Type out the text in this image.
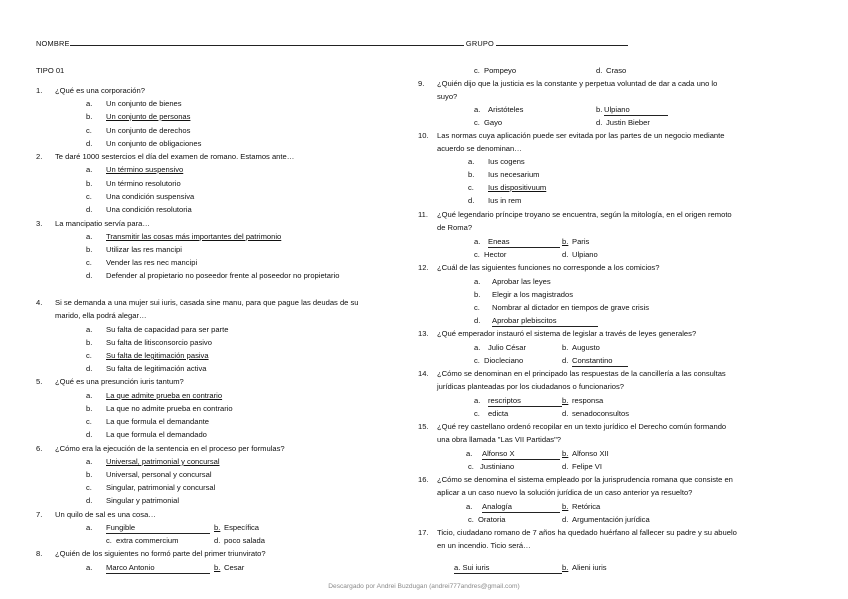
NOMBRE	GRUPO
TIPO 01
1. ¿Qué es una corporación?
a. Un conjunto de bienes
b. Un conjunto de personas
c. Un conjunto de derechos
d. Un conjunto de obligaciones
2. Te daré 1000 sestercios el día del examen de romano. Estamos ante…
a. Un término suspensivo
b. Un término resolutorio
c. Una condición suspensiva
d. Una condición resolutoria
3. La mancipatio servía para…
a. Transmitir las cosas más importantes del patrimonio
b. Utilizar las res mancipi
c. Vender las res nec mancipi
d. Defender al propietario no poseedor frente al poseedor no propietario
4. Si se demanda a una mujer sui iuris, casada sine manu, para que pague las deudas de su
marido, ella podrá alegar…
a. Su falta de capacidad para ser parte
b. Su falta de litisconsorcio pasivo
c. Su falta de legitimación pasiva
d. Su falta de legitimación activa
5. ¿Qué es una presunción iuris tantum?
a. La que admite prueba en contrario
b. La que no admite prueba en contrario
c. La que formula el demandante
d. La que formula el demandado
6. ¿Cómo era la ejecución de la sentencia en el proceso per formulas?
a. Universal, patrimonial y concursal
b. Universal, personal y concursal
c. Singular, patrimonial y concursal
d. Singular y patrimonial
7. Un quilo de sal es una cosa…
a. Fungible	b. Específica
c. extra commercium	d. poco salada
8. ¿Quién de los siguientes no formó parte del primer triunvirato?
a. Marco Antonio	b. Cesar
c. Pompeyo	d. Craso
9. ¿Quién dijo que la justicia es la constante y perpetua voluntad de dar a cada uno lo
suyo?
a. Aristóteles	b. Ulpiano
c. Gayo	d. Justin Bieber
10. Las normas cuya aplicación puede ser evitada por las partes de un negocio mediante
acuerdo se denominan…
a. Ius cogens
b. Ius necesarium
c. Ius dispositivuum
d. Ius in rem
11. ¿Qué legendario príncipe troyano se encuentra, según la mitología, en el origen remoto
de Roma?
a. Eneas	b. Paris
c. Hector	d. Ulpiano
12. ¿Cuál de las siguientes funciones no corresponde a los comicios?
a. Aprobar las leyes
b. Elegir a los magistrados
c. Nombrar al dictador en tiempos de grave crisis
d. Aprobar plebiscitos
13. ¿Qué emperador instauró el sistema de legislar a través de leyes generales?
a. Julio César	b. Augusto
c. Diocleciano	d. Constantino
14. ¿Cómo se denominan en el principado las respuestas de la cancillería a las consultas
jurídicas planteadas por los ciudadanos o funcionarios?
a. rescriptos	b. responsa
c. edicta	d. senadoconsultos
15. ¿Qué rey castellano ordenó recopilar en un texto jurídico el Derecho común formando
una obra llamada "Las VII Partidas"?
a. Alfonso X	b. Alfonso XII
c. Justiniano	d. Felipe VI
16. ¿Cómo se denomina el sistema empleado por la jurisprudencia romana que consiste en
aplicar a un caso nuevo la solución jurídica de un caso anterior ya resuelto?
a. Analogía	b. Retórica
c. Oratoria	d. Argumentación jurídica
17. Ticio, ciudadano romano de 7 años ha quedado huérfano al fallecer su padre y su abuelo
en un incendio. Ticio será…
a. Sui iuris	b. Alieni iuris
Descargado por Andrei Buzdugan (andrei777andres@gmail.com)
